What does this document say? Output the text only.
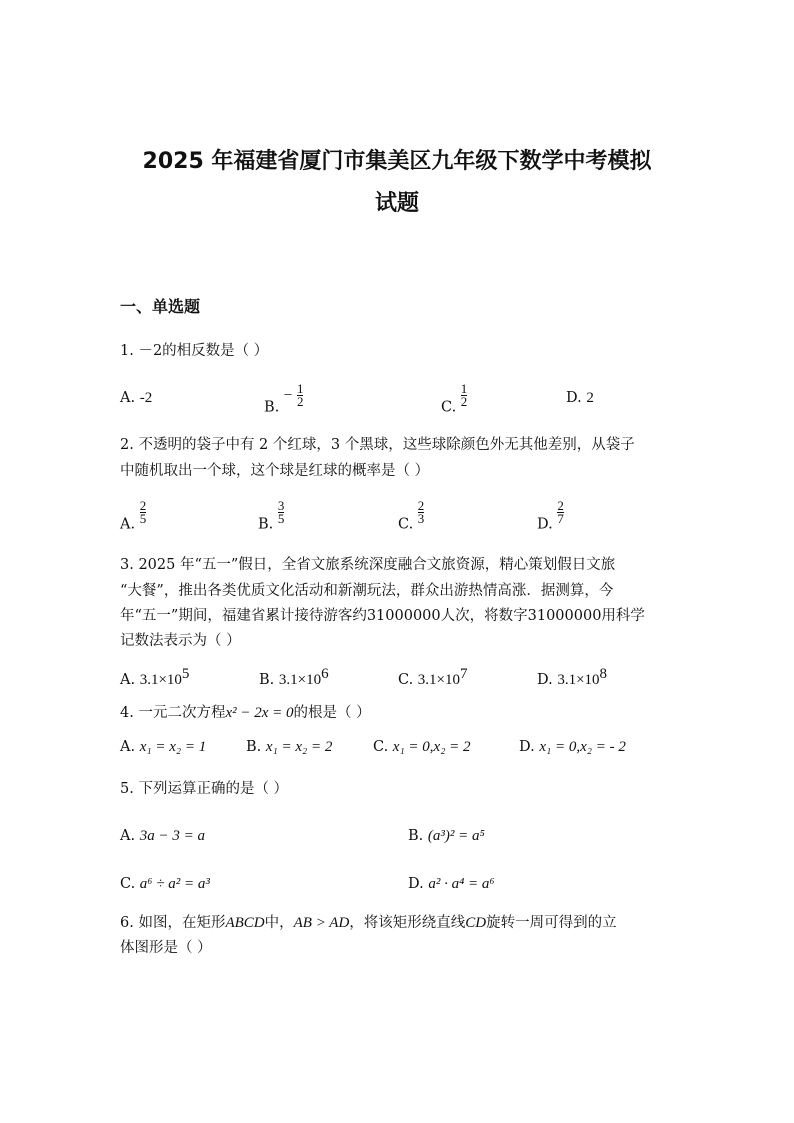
2025 年福建省厦门市集美区九年级下数学中考模拟
试题
一、单选题
1. －2的相反数是（ ）
A. -2
B. − $\frac{1}{2}$	C. $\frac{1}{2}$	D. 2
2. 不透明的袋子中有 2 个红球，3 个黑球，这些球除颜色外无其他差别，从袋子
中随机取出一个球，这个球是红球的概率是（ ）
A. $\frac{2}{5}$	B. $\frac{3}{5}$	C. $\frac{2}{3}$	D. $\frac{2}{7}$
3. 2025 年“五一”假日，全省文旅系统深度融合文旅资源，精心策划假日文旅
“大餐”，推出各类优质文化活动和新潮玩法，群众出游热情高涨．据测算，今
年“五一”期间，福建省累计接待游客约31000000人次，将数字31000000用科学
记数法表示为（ ）
A. $3.1\times 10^5$	B. $3.1\times 10^6$	C. $3.1\times 10^7$	D. $3.1\times 10^8$
4. 一元二次方程x² − 2x = 0的根是（ ）
A. x₁ = x₂ = 1	B. x₁ = x₂ = 2	C. x₁ = 0,x₂ = 2	D. x₁ = 0,x₂ = - 2
5. 下列运算正确的是（ ）
A. 3a − 3 = a	B. (a³)² = a⁵
C. a⁶ ÷ a² = a³	D. a² · a⁴ = a⁶
6. 如图，在矩形ABCD中，AB > AD，将该矩形绕直线CD旋转一周可得到的立
体图形是（ ）
